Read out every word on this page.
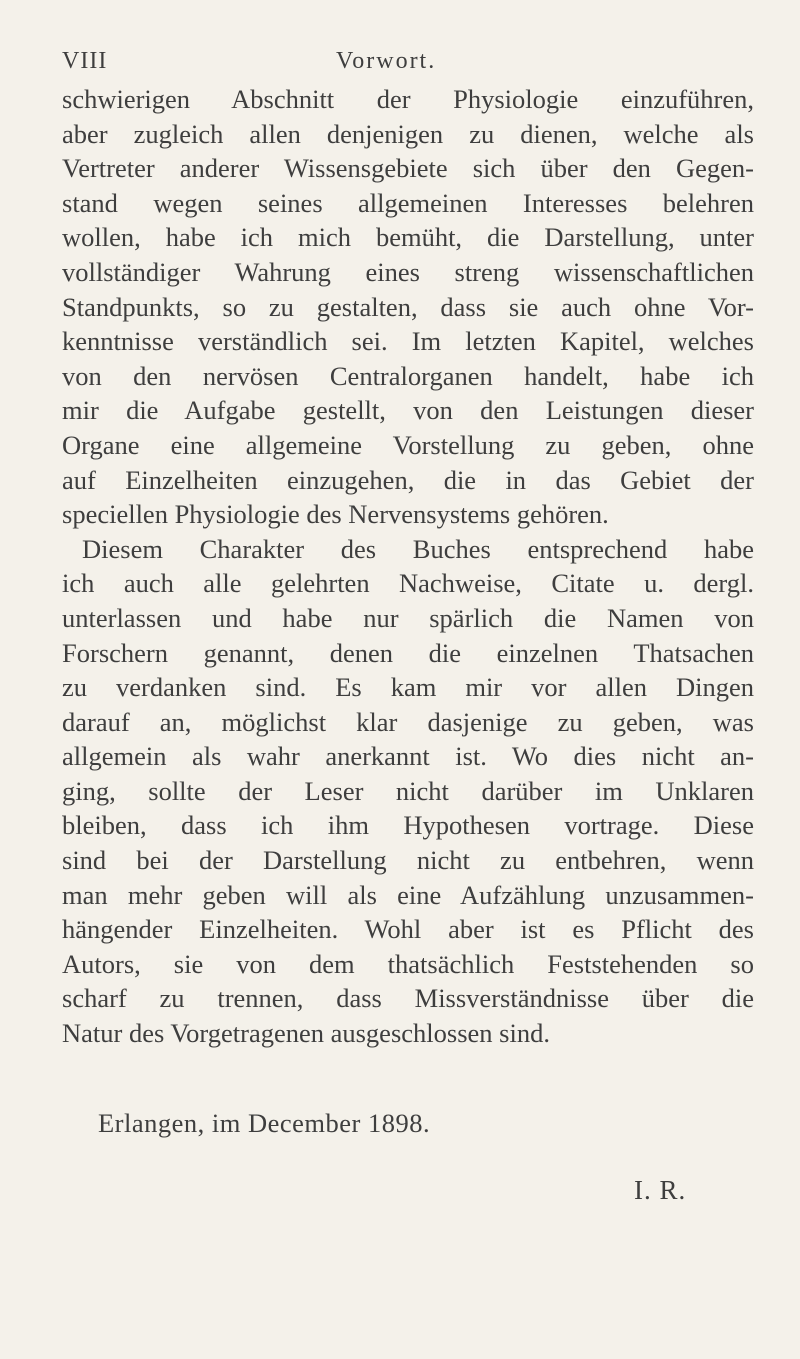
VIII	Vorwort.
schwierigen Abschnitt der Physiologie einzuführen,
aber zugleich allen denjenigen zu dienen, welche als
Vertreter anderer Wissensgebiete sich über den Gegen-
stand wegen seines allgemeinen Interesses belehren
wollen, habe ich mich bemüht, die Darstellung, unter
vollständiger Wahrung eines streng wissenschaftlichen
Standpunkts, so zu gestalten, dass sie auch ohne Vor-
kenntnisse verständlich sei. Im letzten Kapitel, welches
von den nervösen Centralorganen handelt, habe ich
mir die Aufgabe gestellt, von den Leistungen dieser
Organe eine allgemeine Vorstellung zu geben, ohne
auf Einzelheiten einzugehen, die in das Gebiet der
speciellen Physiologie des Nervensystems gehören.
Diesem Charakter des Buches entsprechend habe
ich auch alle gelehrten Nachweise, Citate u. dergl.
unterlassen und habe nur spärlich die Namen von
Forschern genannt, denen die einzelnen Thatsachen
zu verdanken sind. Es kam mir vor allen Dingen
darauf an, möglichst klar dasjenige zu geben, was
allgemein als wahr anerkannt ist. Wo dies nicht an-
ging, sollte der Leser nicht darüber im Unklaren
bleiben, dass ich ihm Hypothesen vortrage. Diese
sind bei der Darstellung nicht zu entbehren, wenn
man mehr geben will als eine Aufzählung unzusammen-
hängender Einzelheiten. Wohl aber ist es Pflicht des
Autors, sie von dem thatsächlich Feststehenden so
scharf zu trennen, dass Missverständnisse über die
Natur des Vorgetragenen ausgeschlossen sind.
Erlangen, im December 1898.
I. R.
